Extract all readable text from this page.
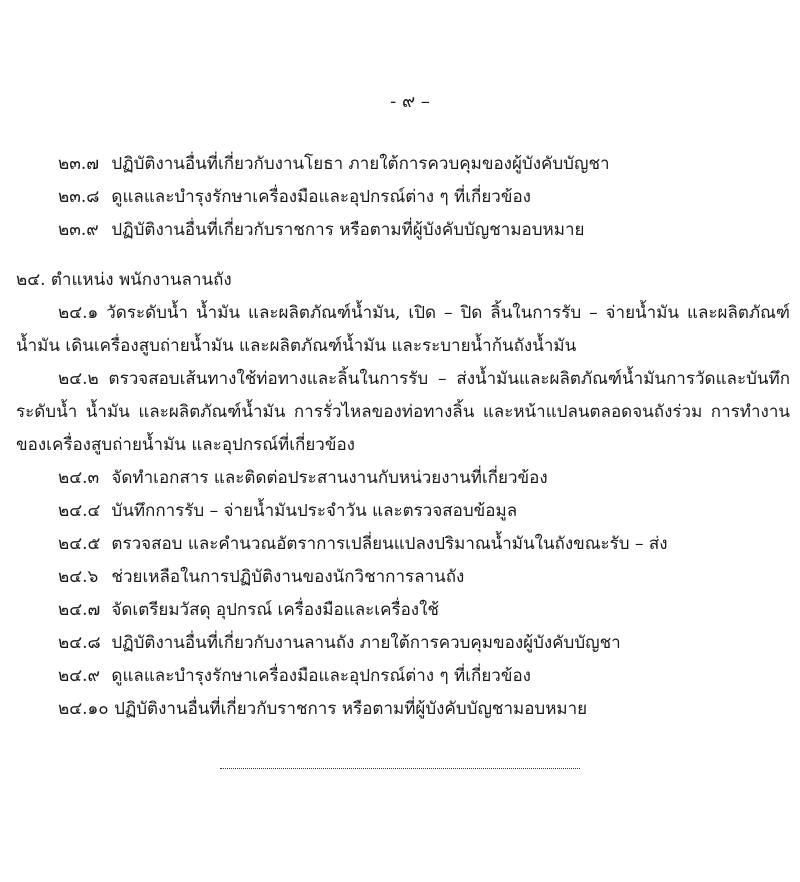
- ๙ –
๒๓.๗ ปฏิบัติงานอื่นที่เกี่ยวกับงานโยธา ภายใต้การควบคุมของผู้บังคับบัญชา
๒๓.๘ ดูแลและบำรุงรักษาเครื่องมือและอุปกรณ์ต่าง ๆ ที่เกี่ยวข้อง
๒๓.๙ ปฏิบัติงานอื่นที่เกี่ยวกับราชการ หรือตามที่ผู้บังคับบัญชามอบหมาย
๒๔. ตำแหน่ง พนักงานลานถัง
๒๔.๑ วัดระดับน้ำ น้ำมัน และผลิตภัณฑ์น้ำมัน, เปิด – ปิด ลิ้นในการรับ – จ่ายน้ำมัน และผลิตภัณฑ์น้ำมัน เดินเครื่องสูบถ่ายน้ำมัน และผลิตภัณฑ์น้ำมัน และระบายน้ำก้นถังน้ำมัน
๒๔.๒ ตรวจสอบเส้นทางใช้ท่อทางและลิ้นในการรับ – ส่งน้ำมันและผลิตภัณฑ์น้ำมันการวัดและบันทึกระดับน้ำ น้ำมัน และผลิตภัณฑ์น้ำมัน การรั่วไหลของท่อทางลิ้น และหน้าแปลนตลอดจนถังร่วม การทำงานของเครื่องสูบถ่ายน้ำมัน และอุปกรณ์ที่เกี่ยวข้อง
๒๔.๓ จัดทำเอกสาร และติดต่อประสานงานกับหน่วยงานที่เกี่ยวข้อง
๒๔.๔ บันทึกการรับ – จ่ายน้ำมันประจำวัน และตรวจสอบข้อมูล
๒๔.๕ ตรวจสอบ และคำนวณอัตราการเปลี่ยนแปลงปริมาณน้ำมันในถังขณะรับ – ส่ง
๒๔.๖ ช่วยเหลือในการปฏิบัติงานของนักวิชาการลานถัง
๒๔.๗ จัดเตรียมวัสดุ อุปกรณ์ เครื่องมือและเครื่องใช้
๒๔.๘ ปฏิบัติงานอื่นที่เกี่ยวกับงานลานถัง ภายใต้การควบคุมของผู้บังคับบัญชา
๒๔.๙ ดูแลและบำรุงรักษาเครื่องมือและอุปกรณ์ต่าง ๆ ที่เกี่ยวข้อง
๒๔.๑๐ ปฏิบัติงานอื่นที่เกี่ยวกับราชการ หรือตามที่ผู้บังคับบัญชามอบหมาย
